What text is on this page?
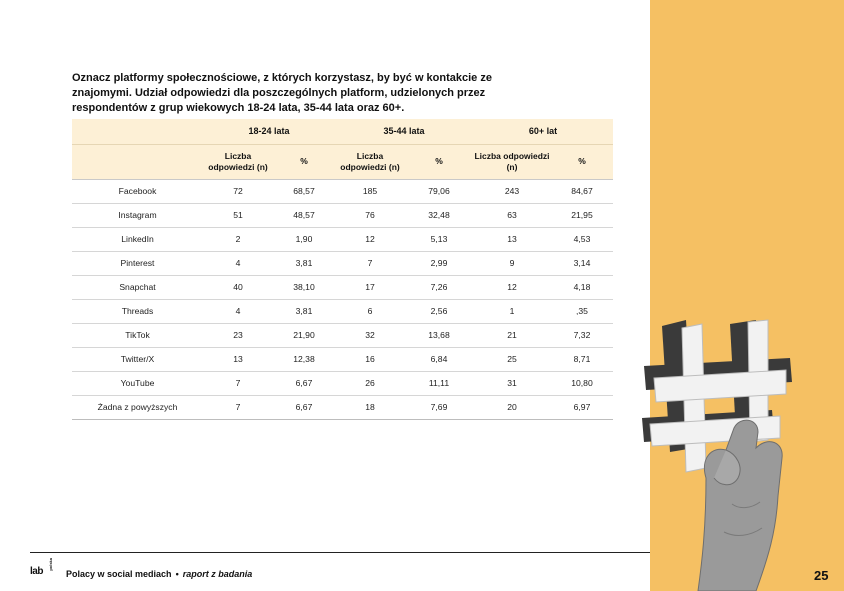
Oznacz platformy społecznościowe, z których korzystasz, by być w kontakcie ze znajomymi. Udział odpowiedzi dla poszczególnych platform, udzielonych przez respondentów z grup wiekowych 18-24 lata, 35-44 lata oraz 60+.
	18-24 lata		35-44 lata		60+ lat	
	Liczba odpowiedzi (n)	%	Liczba odpowiedzi (n)	%	Liczba odpowiedzi (n)	%
Facebook	72	68,57	185	79,06	243	84,67
Instagram	51	48,57	76	32,48	63	21,95
LinkedIn	2	1,90	12	5,13	13	4,53
Pinterest	4	3,81	7	2,99	9	3,14
Snapchat	40	38,10	17	7,26	12	4,18
Threads	4	3,81	6	2,56	1	,35
TikTok	23	21,90	32	13,68	21	7,32
Twitter/X	13	12,38	16	6,84	25	8,71
YouTube	7	6,67	26	11,11	31	10,80
Żadna z powyższych	7	6,67	18	7,69	20	6,97
lab
polska
Polacy w social mediach • raport z badania	25
